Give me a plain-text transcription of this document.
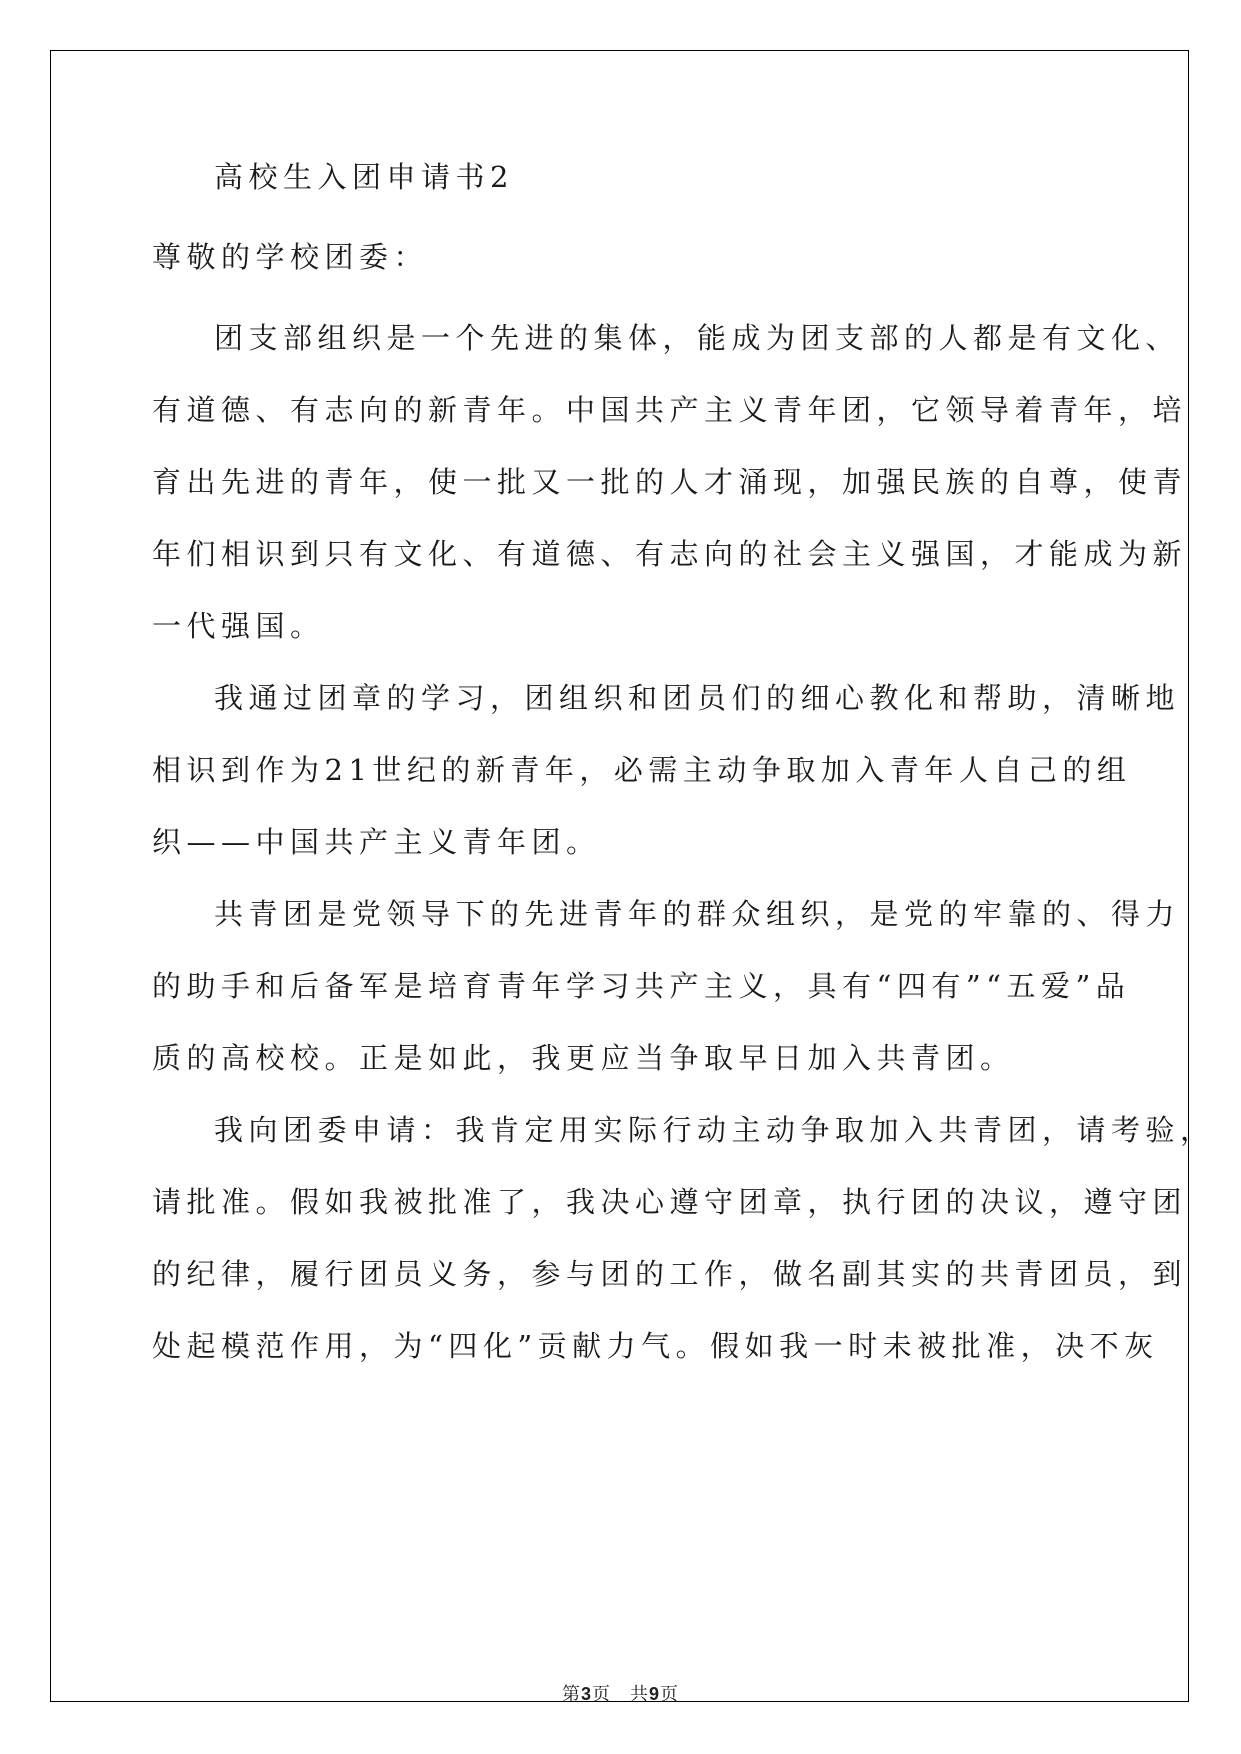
高校生入团申请书2
尊敬的学校团委：
团支部组织是一个先进的集体，能成为团支部的人都是有文化、
有道德、有志向的新青年。中国共产主义青年团，它领导着青年，培
育出先进的青年，使一批又一批的人才涌现，加强民族的自尊，使青
年们相识到只有文化、有道德、有志向的社会主义强国，才能成为新
一代强国。
我通过团章的学习，团组织和团员们的细心教化和帮助，清晰地
相识到作为21世纪的新青年，必需主动争取加入青年人自己的组
织——中国共产主义青年团。
共青团是党领导下的先进青年的群众组织，是党的牢靠的、得力
的助手和后备军是培育青年学习共产主义，具有“四有”“五爱”品
质的高校校。正是如此，我更应当争取早日加入共青团。
我向团委申请：我肯定用实际行动主动争取加入共青团，请考验，
请批准。假如我被批准了，我决心遵守团章，执行团的决议，遵守团
的纪律，履行团员义务，参与团的工作，做名副其实的共青团员，到
处起模范作用，为“四化”贡献力气。假如我一时未被批准，决不灰
第3页　共9页
